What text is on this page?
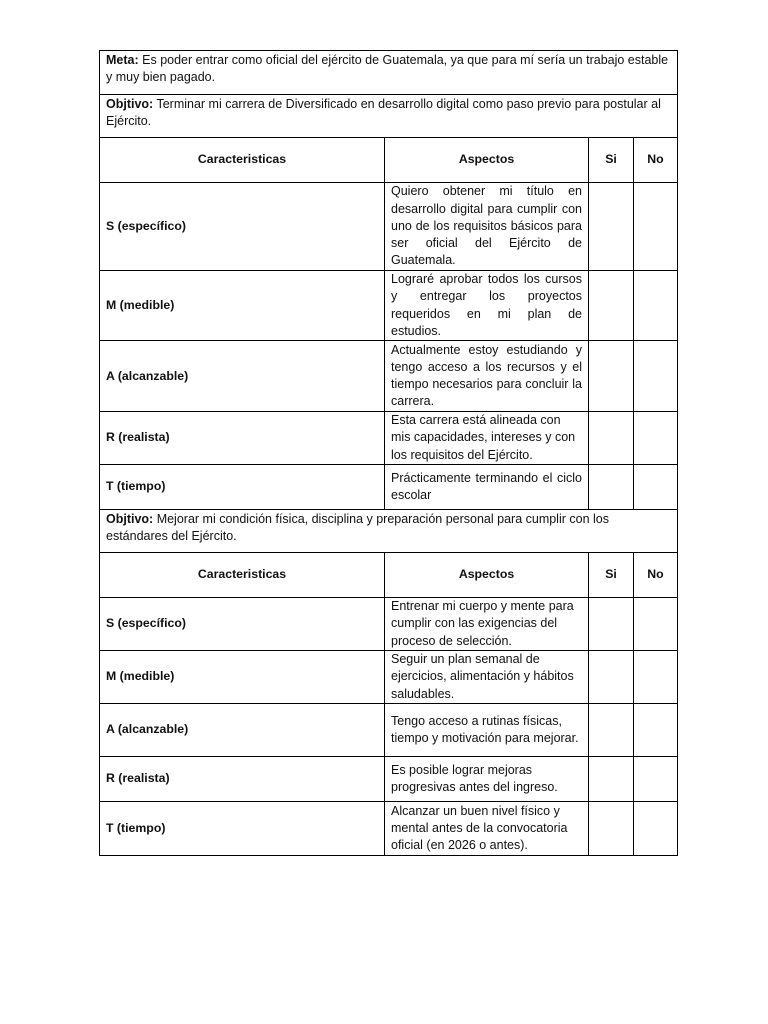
Meta: Es poder entrar como oficial del ejército de Guatemala, ya que para mí sería un trabajo estable y muy bien pagado.			
Objtivo: Terminar mi carrera de Diversificado en desarrollo digital como paso previo para postular al Ejército.			
Caracteristicas	Aspectos	Si	No
S (específico)	Quiero obtener mi título en desarrollo digital para cumplir con uno de los requisitos básicos para ser oficial del Ejército de Guatemala.		
M (medible)	Lograré aprobar todos los cursos y entregar los proyectos requeridos en mi plan de estudios.		
A (alcanzable)	Actualmente estoy estudiando y tengo acceso a los recursos y el tiempo necesarios para concluir la carrera.		
R (realista)	Esta carrera está alineada con mis capacidades, intereses y con los requisitos del Ejército.		
T (tiempo)	Prácticamente terminando el ciclo escolar		
Objtivo: Mejorar mi condición física, disciplina y preparación personal para cumplir con los estándares del Ejército.			
Caracteristicas	Aspectos	Si	No
S (específico)	Entrenar mi cuerpo y mente para cumplir con las exigencias del proceso de selección.		
M (medible)	Seguir un plan semanal de ejercicios, alimentación y hábitos saludables.		
A (alcanzable)	Tengo acceso a rutinas físicas, tiempo y motivación para mejorar.		
R (realista)	Es posible lograr mejoras progresivas antes del ingreso.		
T (tiempo)	Alcanzar un buen nivel físico y mental antes de la convocatoria oficial (en 2026 o antes).		
